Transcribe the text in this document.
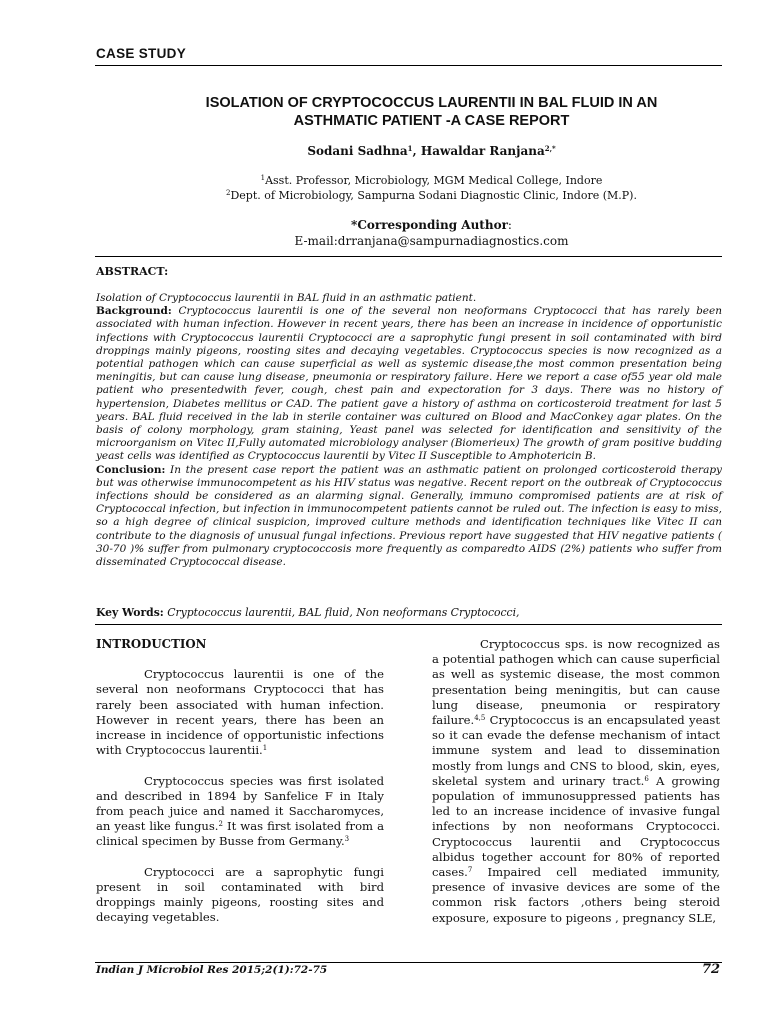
CASE STUDY
ISOLATION OF CRYPTOCOCCUS LAURENTII IN BAL FLUID IN AN
ASTHMATIC PATIENT -A CASE REPORT
Sodani Sadhna$^1$, Hawaldar Ranjana$^{2,*}$
$^1$Asst. Professor, Microbiology, MGM Medical College, Indore
$^2$Dept. of Microbiology, Sampurna Sodani Diagnostic Clinic, Indore (M.P).
*Corresponding Author:
E-mail:drranjana@sampurnadiagnostics.com
ABSTRACT:

Isolation of Cryptococcus laurentii in BAL fluid in an asthmatic patient.

Background: Cryptococcus laurentii is one of the several non neoformans Cryptococci that has rarely been associated with human infection. However in recent years, there has been an increase in incidence of opportunistic infections with Cryptococcus laurentii Cryptococci are a saprophytic fungi present in soil contaminated with bird droppings mainly pigeons, roosting sites and decaying vegetables. Cryptococcus species is now recognized as a potential pathogen which can cause superficial as well as systemic disease,the most common presentation being meningitis, but can cause lung disease, pneumonia or respiratory failure. Here we report a case of55 year old male patient who presentedwith fever, cough, chest pain and expectoration for 3 days. There was no history of hypertension, Diabetes mellitus or CAD. The patient gave a history of asthma on corticosteroid treatment for last 5 years. BAL fluid received in the lab in sterile container was cultured on Blood and MacConkey agar plates. On the basis of colony morphology, gram staining, Yeast panel was selected for identification and sensitivity of the microorganism on Vitec II,Fully automated microbiology analyser (Biomerieux) The growth of gram positive budding yeast cells was identified as Cryptococcus laurentii by Vitec II Susceptible to Amphotericin B.

Conclusion: In the present case report the patient was an asthmatic patient on prolonged corticosteroid therapy but was otherwise immunocompetent as his HIV status was negative. Recent report on the outbreak of Cryptococcus infections should be considered as an alarming signal. Generally, immuno compromised patients are at risk of Cryptococcal infection, but infection in immunocompetent patients cannot be ruled out. The infection is easy to miss, so a high degree of clinical suspicion, improved culture methods and identification techniques like Vitec II can contribute to the diagnosis of unusual fungal infections. Previous report have suggested that HIV negative patients ( 30-70 )% suffer from pulmonary cryptococcosis more frequently as comparedto AIDS (2%) patients who suffer from disseminated Cryptococcal disease.

Key Words: Cryptococcus laurentii, BAL fluid, Non neoformans Cryptococci,
INTRODUCTION

Cryptococcus laurentii is one of the several non neoformans Cryptococci that has rarely been associated with human infection. However in recent years, there has been an increase in incidence of opportunistic infections with Cryptococcus laurentii.$^1$

Cryptococcus species was first isolated and described in 1894 by Sanfelice F in Italy from peach juice and named it Saccharomyces, an yeast like fungus.$^2$ It was first isolated from a clinical specimen by Busse from Germany.$^3$

Cryptococci are a saprophytic fungi present in soil contaminated with bird droppings mainly pigeons, roosting sites and decaying vegetables.

Cryptococcus sps. is now recognized as a potential pathogen which can cause superficial as well as systemic disease, the most common presentation being meningitis, but can cause lung disease, pneumonia or respiratory failure.$^{4,5}$ Cryptococcus is an encapsulated yeast so it can evade the defense mechanism of intact immune system and lead to dissemination mostly from lungs and CNS to blood, skin, eyes, skeletal system and urinary tract.$^6$ A growing population of immunosuppressed patients has led to an increase incidence of invasive fungal infections by non neoformans Cryptococci. Cryptococcus laurentii and Cryptococcus albidus together account for 80% of reported cases.$^7$ Impaired cell mediated immunity, presence of invasive devices are some of the common risk factors ,others being steroid exposure, exposure to pigeons , pregnancy SLE,

Indian J Microbiol Res 2015;2(1):72-75	72
